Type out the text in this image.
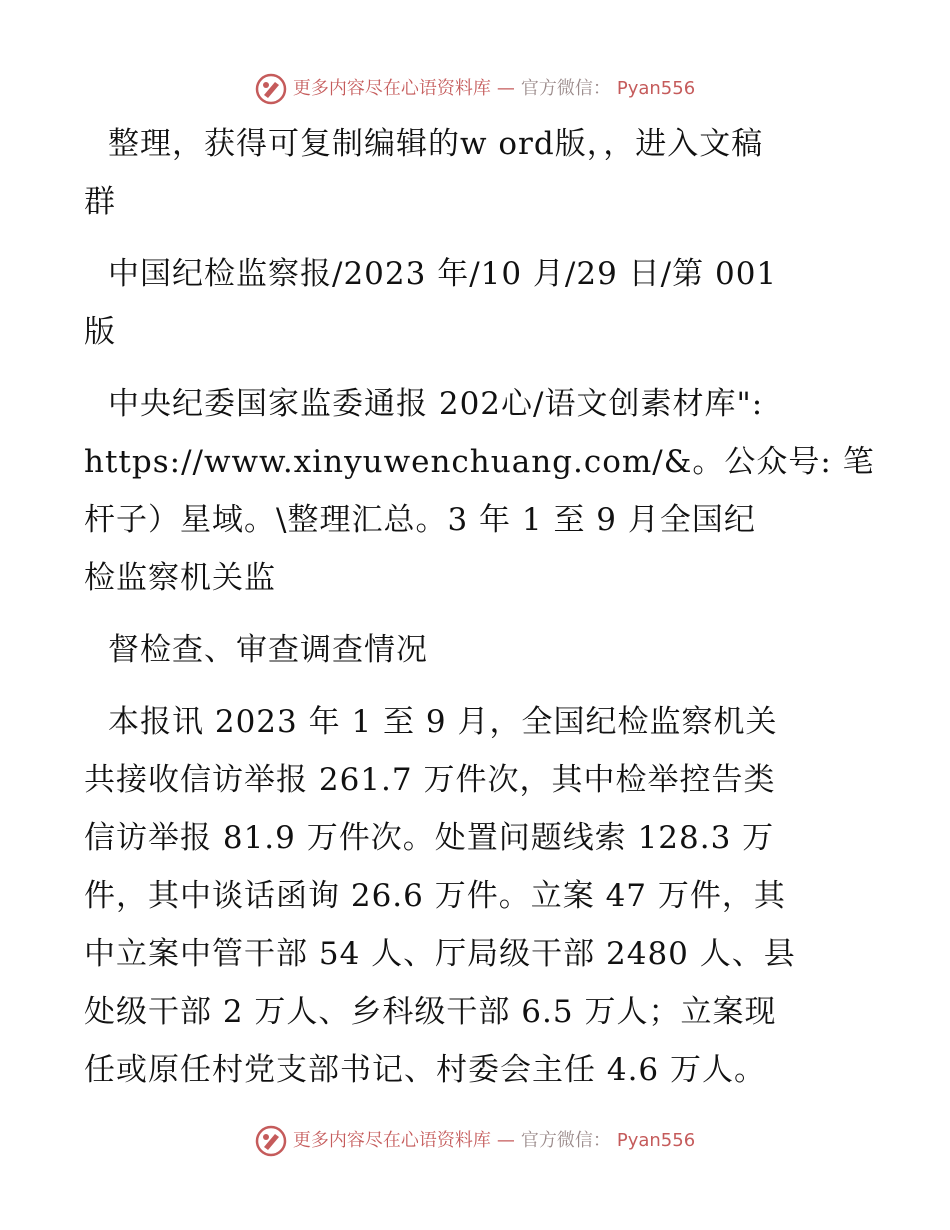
更多内容尽在心语资料库 — 官方微信： Pyan556

整理，获得可复制编辑的w ord版，，进入文稿
群

中国纪检监察报/2023 年/10 月/29 日/第 001
版

中央纪委国家监委通报 202心/语文创素材库":
https://www.xinyuwenchuang.com/&。公众号: 笔
杆子）星域。\整理汇总。3 年 1 至 9 月全国纪
检监察机关监

督检查、审查调查情况

本报讯 2023 年 1 至 9 月，全国纪检监察机关
共接收信访举报 261.7 万件次，其中检举控告类
信访举报 81.9 万件次。处置问题线索 128.3 万
件，其中谈话函询 26.6 万件。立案 47 万件，其
中立案中管干部 54 人、厅局级干部 2480 人、县
处级干部 2 万人、乡科级干部 6.5 万人；立案现
任或原任村党支部书记、村委会主任 4.6 万人。

更多内容尽在心语资料库 — 官方微信： Pyan556
